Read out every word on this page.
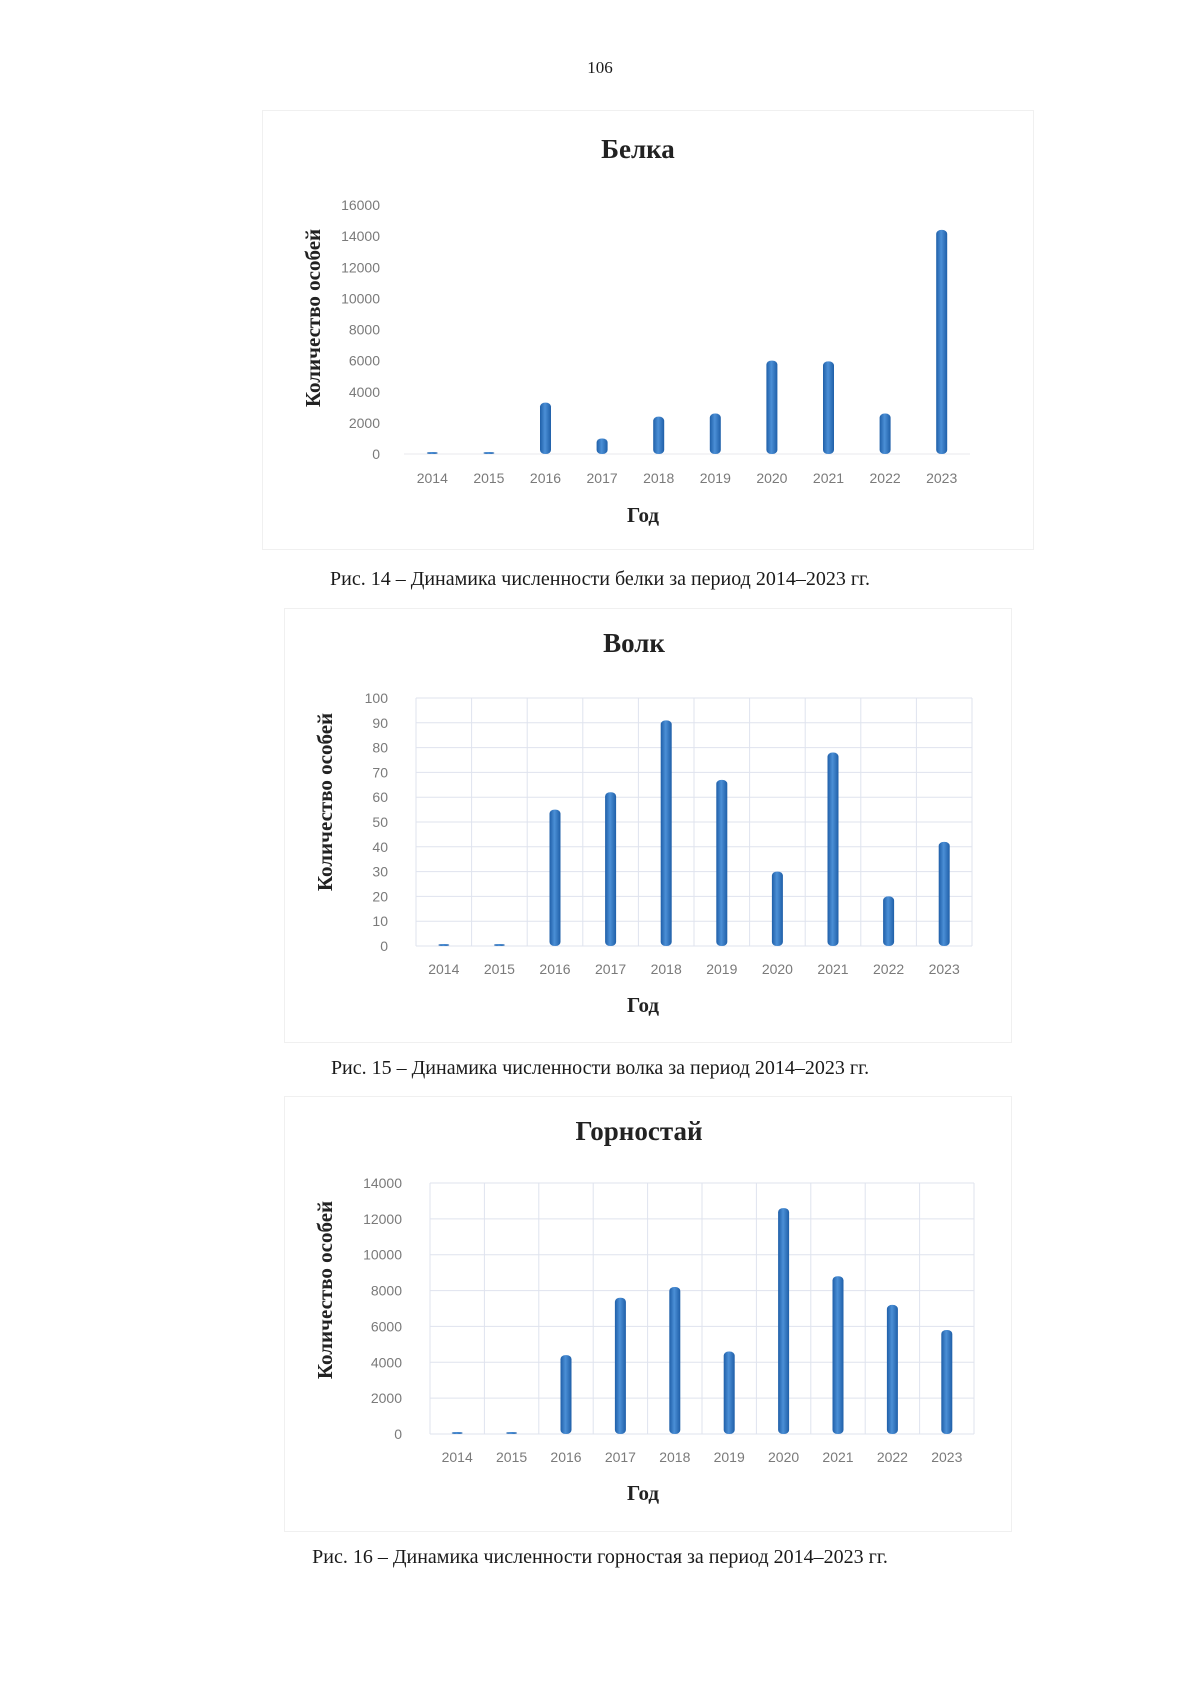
106
Белка
Количество особей
Год
0
2000
4000
6000
8000
10000
12000
14000
16000
2014 2015 2016 2017 2018 2019 2020 2021 2022 2023
Рис. 14 – Динамика численности белки за период 2014–2023 гг.
Волк
Количество особей
Год
0
10
20
30
40
50
60
70
80
90
100
2014 2015 2016 2017 2018 2019 2020 2021 2022 2023
Рис. 15 – Динамика численности волка за период 2014–2023 гг.
Горностай
Количество особей
Год
0
2000
4000
6000
8000
10000
12000
14000
2014 2015 2016 2017 2018 2019 2020 2021 2022 2023
Рис. 16 – Динамика численности горностая за период 2014–2023 гг.
